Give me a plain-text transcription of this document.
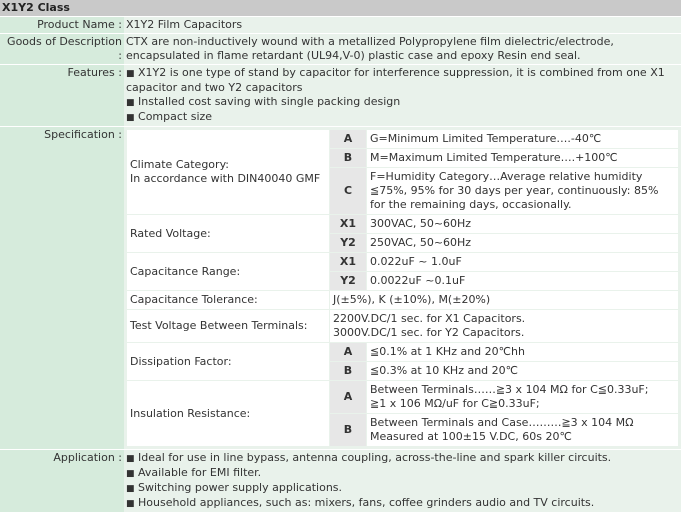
X1Y2 Class
Product Name :	X1Y2 Film Capacitors
Goods of Description :	CTX are non-inductively wound with a metallized Polypropylene film dielectric/electrode, encapsulated in flame retardant (UL94,V-0) plastic case and epoxy Resin end seal.
Features :	■ X1Y2 is one type of stand by capacitor for interference suppression, it is combined from one X1 capacitor and two Y2 capacitors
■ Installed cost saving with single packing design
■ Compact size

Specification :	
Climate Category:
In accordance with DIN40040 GMF	A	G=Minimum Limited Temperature….-40℃
B	M=Maximum Limited Temperature….+100℃
C	F=Humidity Category…Average relative humidity ≦75%, 95% for 30 days per year, continuously: 85% for the remaining days, occasionally.
Rated Voltage:	X1	300VAC, 50~60Hz
Y2	250VAC, 50~60Hz
Capacitance Range:	X1	0.022uF ~ 1.0uF
Y2	0.0022uF ~0.1uF
Capacitance Tolerance:	J(±5%), K (±10%), M(±20%)
Test Voltage Between Terminals:	2200V.DC/1 sec. for X1 Capacitors.
3000V.DC/1 sec. for Y2 Capacitors.
Dissipation Factor:	A	≦0.1% at 1 KHz and 20℃hh
B	≦0.3% at 10 KHz and 20℃
Insulation Resistance:	A	Between Terminals……≧3 x 104 MΩ for C≦0.33uF;
≧1 x 106 MΩ/uF for C≧0.33uF;
B	Between Terminals and Case………≧3 x 104 MΩ
Measured at 100±15 V.DC, 60s 20℃

Application :	■ Ideal for use in line bypass, antenna coupling, across-the-line and spark killer circuits.
■ Available for EMI filter.
■ Switching power supply applications.
■ Household appliances, such as: mixers, fans, coffee grinders audio and TV circuits.
